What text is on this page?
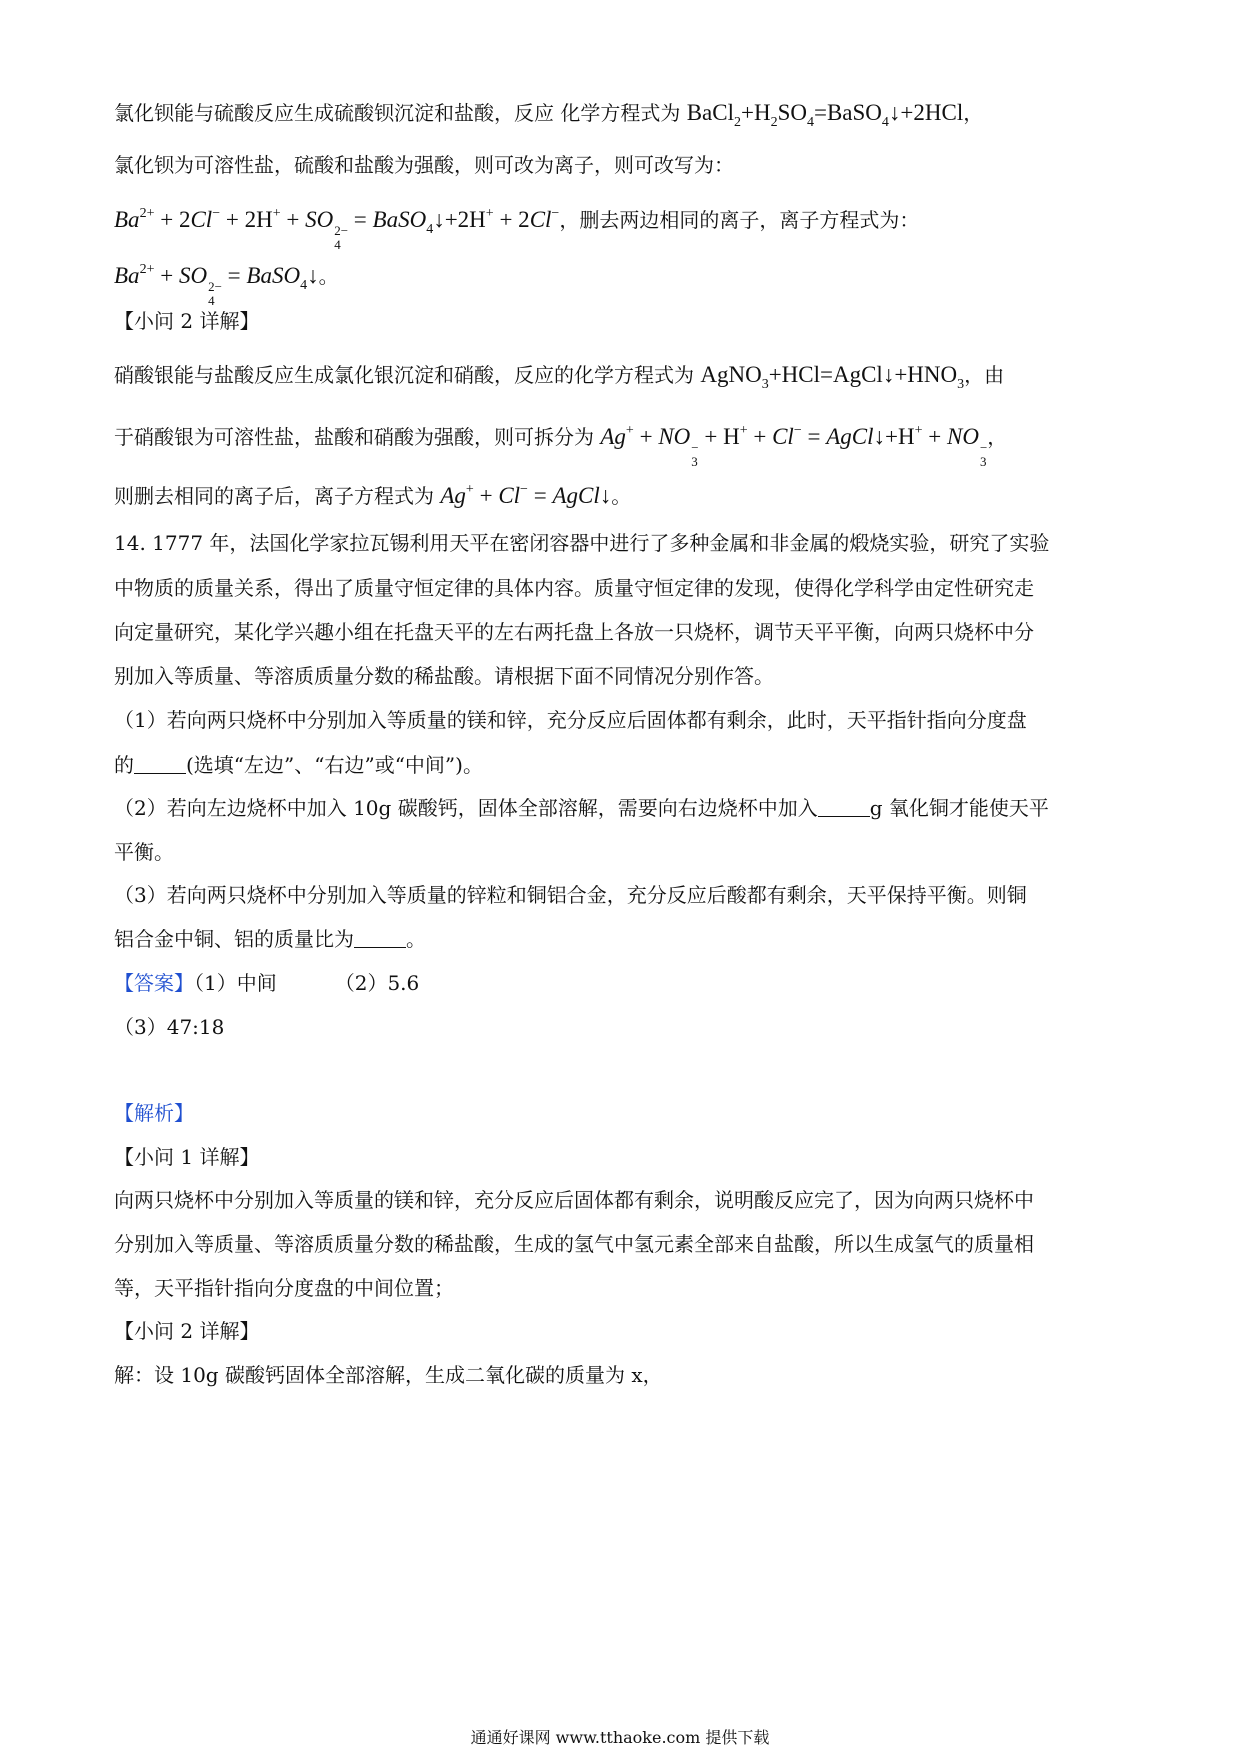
氯化钡能与硫酸反应生成硫酸钡沉淀和盐酸，反应 化学方程式为 $BaCl_2+H_2SO_4=BaSO_4↓+2HCl$，
氯化钡为可溶性盐，硫酸和盐酸为强酸，则可改为离子，则可改写为：
$Ba^{2+} + 2Cl^- + 2H^+$ + SO 2−
4
= BaSO$_4$↓+2H+ + 2Cl−，删去两边相同的离子，离子方程式为：
$Ba^{2+}$ + SO 2−
4
= BaSO$_4$↓。
【小问 2 详解】
硝酸银能与盐酸反应生成氯化银沉淀和硝酸，反应的化学方程式为 $AgNO_3+HCl=AgCl↓+HNO_3$，由
于硝酸银为可溶性盐，盐酸和硝酸为强酸，则可拆分为 Ag+ + NO −
3
+ H+ + Cl− = AgCl↓+H+ + NO −
3
，
则删去相同的离子后，离子方程式为 Ag+ + Cl− = AgCl↓。
14. 1777 年，法国化学家拉瓦锡利用天平在密闭容器中进行了多种金属和非金属的煅烧实验，研究了实验
中物质的质量关系，得出了质量守恒定律的具体内容。质量守恒定律的发现，使得化学科学由定性研究走
向定量研究，某化学兴趣小组在托盘天平的左右两托盘上各放一只烧杯，调节天平平衡，向两只烧杯中分
别加入等质量、等溶质质量分数的稀盐酸。请根据下面不同情况分别作答。
（1）若向两只烧杯中分别加入等质量的镁和锌，充分反应后固体都有剩余，此时，天平指针指向分度盘
的	(选填“左边”、“右边”或“中间”)。
（2）若向左边烧杯中加入 10g 碳酸钙，固体全部溶解，需要向右边烧杯中加入	g 氧化铜才能使天平
平衡。
（3）若向两只烧杯中分别加入等质量的锌粒和铜铝合金，充分反应后酸都有剩余，天平保持平衡。则铜
铝合金中铜、铝的质量比为	。
【答案】（1）中间	（2）5.6
（3）47:18
【解析】
【小问 1 详解】
向两只烧杯中分别加入等质量的镁和锌，充分反应后固体都有剩余，说明酸反应完了，因为向两只烧杯中
分别加入等质量、等溶质质量分数的稀盐酸，生成的氢气中氢元素全部来自盐酸，所以生成氢气的质量相
等，天平指针指向分度盘的中间位置；
【小问 2 详解】
解：设 10g 碳酸钙固体全部溶解，生成二氧化碳的质量为 x，
通通好课网 www.tthaoke.com 提供下载
